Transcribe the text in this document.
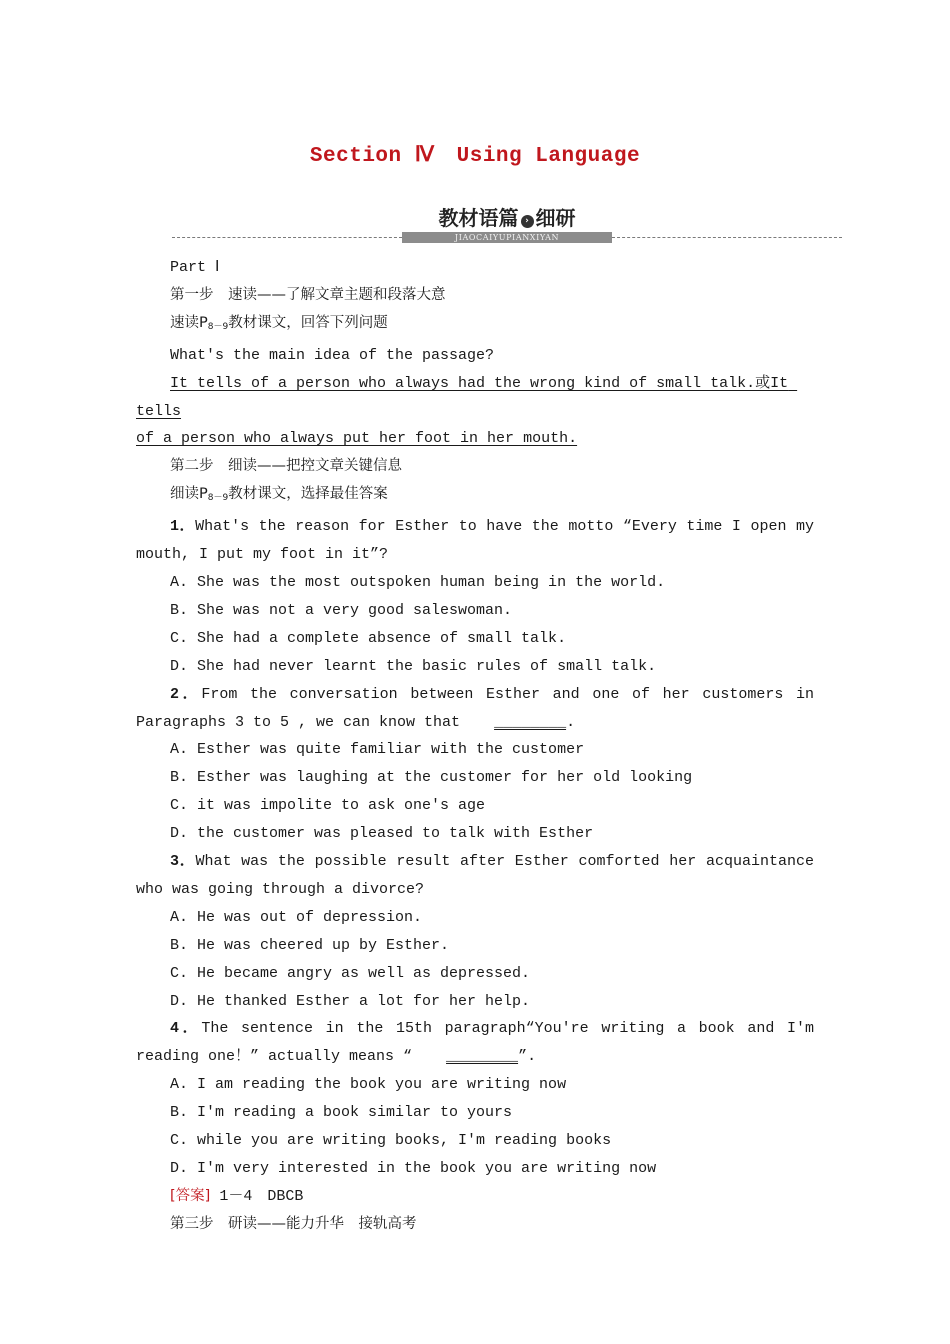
Section Ⅳ Using Language
教材语篇 › 细研
JIAOCAIYUPIANXIYAN

Part Ⅰ

第一步　速读——了解文章主题和段落大意

速读$P_{8-9}$教材课文，回答下列问题

What's the main idea of the passage?

It tells of a person who always had the wrong kind of small talk.或It tells

of a person who always put her foot in her mouth.

第二步　细读——把控文章关键信息

细读$P_{8-9}$教材课文，选择最佳答案

1．What's the reason for Esther to have the motto “Every time I open my mouth, I put my foot in it”?

A. She was the most outspoken human being in the world.

B. She was not a very good saleswoman.

C. She had a complete absence of small talk.

D. She had never learnt the basic rules of small talk.

2．From the conversation between Esther and one of her customers in Paragraphs 3 to 5 , we can know that ________.

A. Esther was quite familiar with the customer

B. Esther was laughing at the customer for her old looking

C. it was impolite to ask one's age

D. the customer was pleased to talk with Esther

3．What was the possible result after Esther comforted her acquaintance who was going through a divorce?

A. He was out of depression.

B. He was cheered up by Esther.

C. He became angry as well as depressed.

D. He thanked Esther a lot for her help.

4．The sentence in the 15th paragraph“You're writing a book and I'm reading one！” actually means “ ________”.

A. I am reading the book you are writing now

B. I'm reading a book similar to yours

C. while you are writing books, I'm reading books

D. I'm very interested in the book you are writing now

[答案] 1－4　DBCB

第三步　研读——能力升华　接轨高考
